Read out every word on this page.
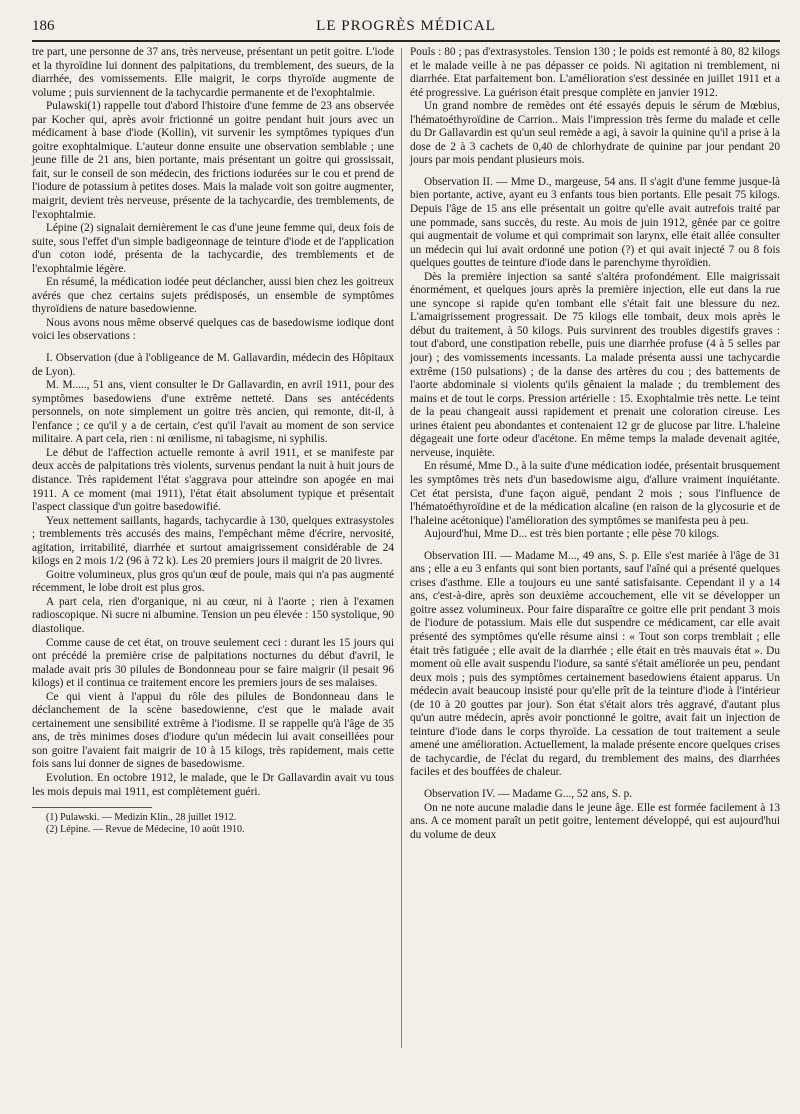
186	LE PROGRÈS MÉDICAL

tre part, une personne de 37 ans, très nerveuse, présentant un petit goitre. L'iode et la thyroïdine lui donnent des palpitations, du tremblement, des sueurs, de la diarrhée, des vomissements. Elle maigrit, le corps thyroïde augmente de volume ; puis surviennent de la tachycardie permanente et de l'exophtalmie.

Pulawski(1) rappelle tout d'abord l'histoire d'une femme de 23 ans observée par Kocher qui, après avoir frictionné un goitre pendant huit jours avec un médicament à base d'iode (Kollin), vit survenir les symptômes typiques d'un goitre exophtalmique. L'auteur donne ensuite une observation semblable ; une jeune fille de 21 ans, bien portante, mais présentant un goitre qui grossissait, fait, sur le conseil de son médecin, des frictions iodurées sur le cou et prend de l'iodure de potassium à petites doses. Mais la malade voit son goitre augmenter, maigrit, devient très nerveuse, présente de la tachycardie, des tremblements, de l'exophtalmie.

Lépine (2) signalait dernièrement le cas d'une jeune femme qui, deux fois de suite, sous l'effet d'un simple badigeonnage de teinture d'iode et de l'application d'un coton iodé, présenta de la tachycardie, des tremblements et de l'exophtalmie légère.

En résumé, la médication iodée peut déclancher, aussi bien chez les goitreux avérés que chez certains sujets prédisposés, un ensemble de symptômes thyroïdiens de nature basedowienne.

Nous avons nous même observé quelques cas de basedowisme iodique dont voici les observations :

I. Observation (due à l'obligeance de M. Gallavardin, médecin des Hôpitaux de Lyon).

M. M....., 51 ans, vient consulter le Dr Gallavardin, en avril 1911, pour des symptômes basedowiens d'une extrême netteté. Dans ses antécédents personnels, on note simplement un goitre très ancien, qui remonte, dit-il, à l'enfance ; ce qu'il y a de certain, c'est qu'il l'avait au moment de son service militaire. A part cela, rien : ni œnilisme, ni tabagisme, ni syphilis.

Le début de l'affection actuelle remonte à avril 1911, et se manifeste par deux accès de palpitations très violents, survenus pendant la nuit à huit jours de distance. Très rapidement l'état s'aggrava pour atteindre son apogée en mai 1911. A ce moment (mai 1911), l'état était absolument typique et présentait l'aspect classique d'un goitre basedowifié.

Yeux nettement saillants, hagards, tachycardie à 130, quelques extrasystoles ; tremblements très accusés des mains, l'empêchant même d'écrire, nervosité, agitation, irritabilité, diarrhée et surtout amaigrissement considérable de 24 kilogs en 2 mois 1/2 (96 à 72 k). Les 20 premiers jours il maigrit de 20 livres.

Goitre volumineux, plus gros qu'un œuf de poule, mais qui n'a pas augmenté récemment, le lobe droit est plus gros.

A part cela, rien d'organique, ni au cœur, ni à l'aorte ; rien à l'examen radioscopique. Ni sucre ni albumine. Tension un peu élevée : 150 systolique, 90 diastolique.

Comme cause de cet état, on trouve seulement ceci : durant les 15 jours qui ont précédé la première crise de palpitations nocturnes du début d'avril, le malade avait pris 30 pilules de Bondonneau pour se faire maigrir (il pesait 96 kilogs) et il continua ce traitement encore les premiers jours de ses malaises.

Ce qui vient à l'appui du rôle des pilules de Bondonneau dans le déclanchement de la scène basedowienne, c'est que le malade avait certainement une sensibilité extrême à l'iodisme. Il se rappelle qu'à l'âge de 35 ans, de très minimes doses d'iodure qu'un médecin lui avait conseillées pour son goitre l'avaient fait maigrir de 10 à 15 kilogs, très rapidement, mais cette fois sans lui donner de signes de basedowisme.

Evolution. En octobre 1912, le malade, que le Dr Gallavardin avait vu tous les mois depuis mai 1911, est complètement guéri.

(1) Pulawski. — Medizin Klin., 28 juillet 1912.

(2) Lépine. — Revue de Médecine, 10 août 1910.

Pouls : 80 ; pas d'extrasystoles. Tension 130 ; le poids est remonté à 80, 82 kilogs et le malade veille à ne pas dépasser ce poids. Ni agitation ni tremblement, ni diarrhée. Etat parfaitement bon. L'amélioration s'est dessinée en juillet 1911 et a été progressive. La guérison était presque complète en janvier 1912.

Un grand nombre de remèdes ont été essayés depuis le sérum de Mœbius, l'hématoéthyroïdine de Carrion.. Mais l'impression très ferme du malade et celle du Dr Gallavardin est qu'un seul remède a agi, à savoir la quinine qu'il a prise à la dose de 2 à 3 cachets de 0,40 de chlorhydrate de quinine par jour pendant 20 jours par mois pendant plusieurs mois.

Observation II. — Mme D., margeuse, 54 ans. Il s'agit d'une femme jusque-là bien portante, active, ayant eu 3 enfants tous bien portants. Elle pesait 75 kilogs. Depuis l'âge de 15 ans elle présentait un goitre qu'elle avait autrefois traité par une pommade, sans succès, du reste. Au mois de juin 1912, gênée par ce goitre qui augmentait de volume et qui comprimait son larynx, elle était allée consulter un médecin qui lui avait ordonné une potion (?) et qui avait injecté 7 ou 8 fois quelques gouttes de teinture d'iode dans le parenchyme thyroïdien.

Dès la première injection sa santé s'altéra profondément. Elle maigrissait énormément, et quelques jours après la première injection, elle eut dans la rue une syncope si rapide qu'en tombant elle s'était fait une blessure du nez. L'amaigrissement progressait. De 75 kilogs elle tombait, deux mois après le début du traitement, à 50 kilogs. Puis survinrent des troubles digestifs graves : tout d'abord, une constipation rebelle, puis une diarrhée profuse (4 à 5 selles par jour) ; des vomissements incessants. La malade présenta aussi une tachycardie extrême (150 pulsations) ; de la danse des artères du cou ; des battements de l'aorte abdominale si violents qu'ils gênaient la malade ; du tremblement des mains et de tout le corps. Pression artérielle : 15. Exophtalmie très nette. Le teint de la peau changeait aussi rapidement et prenait une coloration cireuse. Les urines étaient peu abondantes et contenaient 12 gr de glucose par litre. L'haleine dégageait une forte odeur d'acétone. En même temps la malade devenait agitée, nerveuse, inquiète.

En résumé, Mme D., à la suite d'une médication iodée, présentait brusquement les symptômes très nets d'un basedowisme aigu, d'allure vraiment inquiétante. Cet état persista, d'une façon aiguë, pendant 2 mois ; sous l'influence de l'hématoéthyroïdine et de la médication alcaline (en raison de la glycosurie et de l'haleine acétonique) l'amélioration des symptômes se manifesta peu à peu.

Aujourd'hui, Mme D... est très bien portante ; elle pèse 70 kilogs.

Observation III. — Madame M..., 49 ans, S. p. Elle s'est mariée à l'âge de 31 ans ; elle a eu 3 enfants qui sont bien portants, sauf l'aîné qui a présenté quelques crises d'asthme. Elle a toujours eu une santé satisfaisante. Cependant il y a 14 ans, c'est-à-dire, après son deuxième accouchement, elle vit se développer un goitre assez volumineux. Pour faire disparaître ce goitre elle prit pendant 3 mois de l'iodure de potassium. Mais elle dut suspendre ce médicament, car elle avait présenté des symptômes qu'elle résume ainsi : « Tout son corps tremblait ; elle était très fatiguée ; elle avait de la diarrhée ; elle était en très mauvais état ». Du moment où elle avait suspendu l'iodure, sa santé s'était améliorée un peu, pendant deux mois ; puis des symptômes certainement basedowiens étaient apparus. Un médecin avait beaucoup insisté pour qu'elle prît de la teinture d'iode à l'intérieur (de 10 à 20 gouttes par jour). Son état s'était alors très aggravé, d'autant plus qu'un autre médecin, après avoir ponctionné le goitre, avait fait un injection de teinture d'iode dans le corps thyroïde. La cessation de tout traitement a seule amené une amélioration. Actuellement, la malade présente encore quelques crises de tachycardie, de l'éclat du regard, du tremblement des mains, des diarrhées faciles et des bouffées de chaleur.

Observation IV. — Madame G..., 52 ans, S. p.

On ne note aucune maladie dans le jeune âge. Elle est formée facilement à 13 ans. A ce moment paraît un petit goitre, lentement développé, qui est aujourd'hui du volume de deux
